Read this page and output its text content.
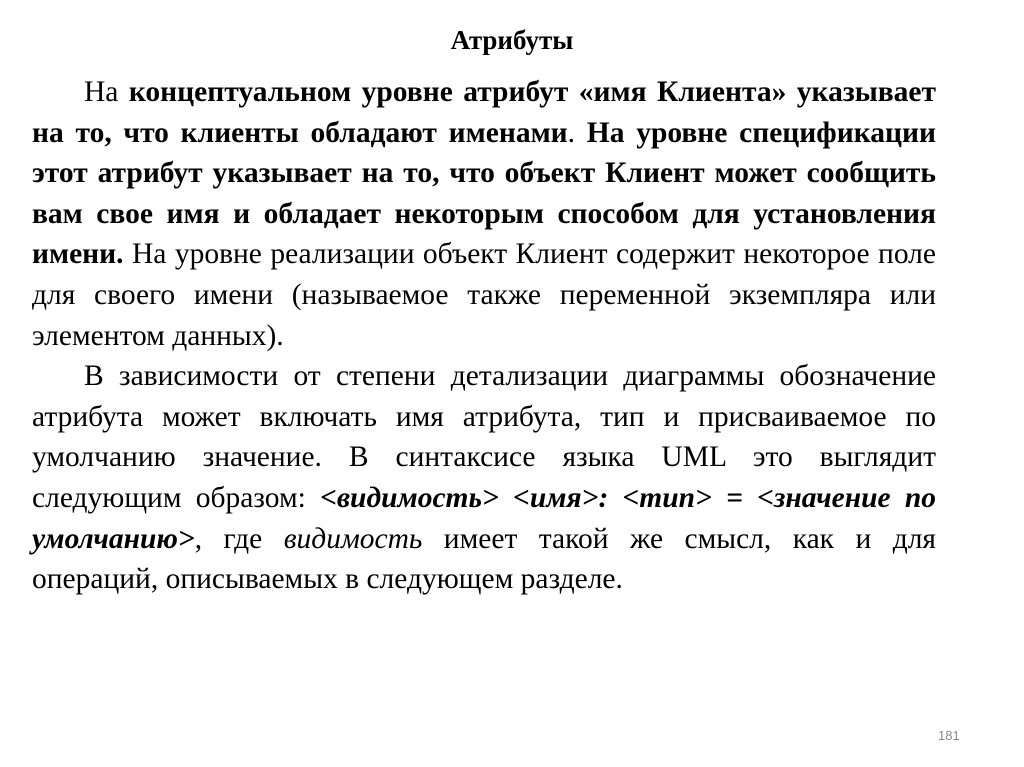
Атрибуты

На концептуальном уровне атрибут «имя Клиента» указывает на то, что клиенты обладают именами. На уровне спецификации этот атрибут указывает на то, что объект Клиент может сообщить вам свое имя и обладает некоторым способом для установления имени. На уровне реализации объект Клиент содержит некоторое поле для своего имени (называемое также переменной экземпляра или элементом данных).

В зависимости от степени детализации диаграммы обозначение атрибута может включать имя атрибута, тип и присваиваемое по умолчанию значение. В синтаксисе языка UML это выглядит следующим образом: <видимость> <имя>: <тип> = <значение по умолчанию>, где видимость имеет такой же смысл, как и для операций, описываемых в следующем разделе.

181
